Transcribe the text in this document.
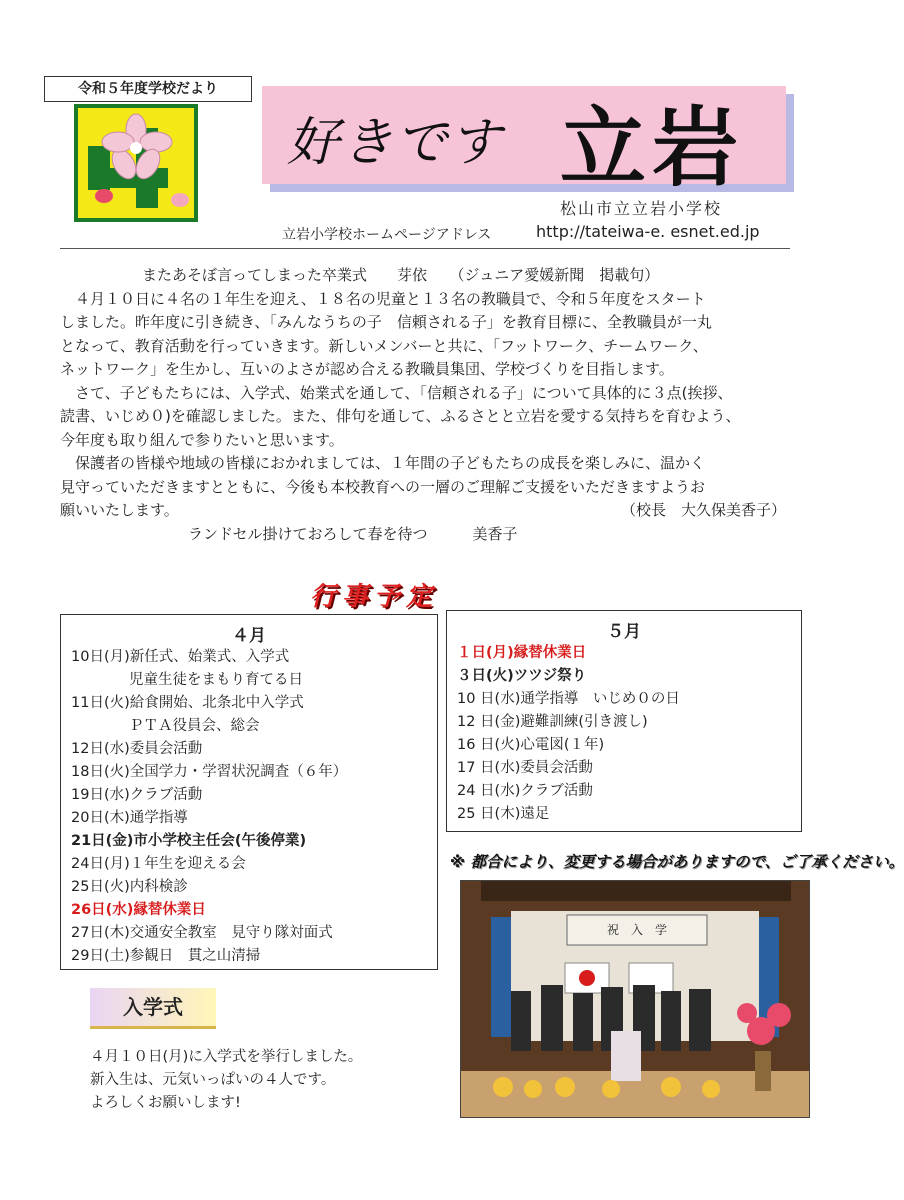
令和５年度学校だより
好きです 立岩
松山市立立岩小学校
立岩小学校ホームページアドレス	http://tateiwa-e. esnet.ed.jp
またあそぼ言ってしまった卒業式　　芽依　　（ジュニア愛媛新聞　掲載句）
　４月１０日に４名の１年生を迎え、１８名の児童と１３名の教職員で、令和５年度をスタート
しました。昨年度に引き続き、「みんなうちの子　信頼される子」を教育目標に、全教職員が一丸
となって、教育活動を行っていきます。新しいメンバーと共に、「フットワーク、チームワーク、
ネットワーク」を生かし、互いのよさが認め合える教職員集団、学校づくりを目指します。
　さて、子どもたちには、入学式、始業式を通して、「信頼される子」について具体的に３点(挨拶、
読書、いじめ０)を確認しました。また、俳句を通して、ふるさとと立岩を愛する気持ちを育むよう、
今年度も取り組んで参りたいと思います。
　保護者の皆様や地域の皆様におかれましては、１年間の子どもたちの成長を楽しみに、温かく
見守っていただきますとともに、今後も本校教育への一層のご理解ご支援をいただきますようお
願いいたします。	（校長　大久保美香子）
ランドセル掛けておろして春を待つ　　　美香子
行事予定
４月
10日(月)新任式、始業式、入学式
　　　　児童生徒をまもり育てる日
11日(火)給食開始、北条北中入学式
　　　　ＰＴＡ役員会、総会
12日(水)委員会活動
18日(火)全国学力・学習状況調査（６年）
19日(水)クラブ活動
20日(木)通学指導
21日(金)市小学校主任会(午後停業)
24日(月)１年生を迎える会
25日(火)内科検診
26日(水)縁替休業日
27日(木)交通安全教室　見守り隊対面式
29日(土)参観日　貫之山清掃
５月
１日(月)縁替休業日
３日(火)ツツジ祭り
10 日(水)通学指導　いじめ０の日
12 日(金)避難訓練(引き渡し)
16 日(火)心電図(１年)
17 日(水)委員会活動
24 日(水)クラブ活動
25 日(木)遠足
※ 都合により、変更する場合がありますので、ご了承ください。
祝　入　学
入学式
４月１０日(月)に入学式を挙行しました。
新入生は、元気いっぱいの４人です。
よろしくお願いします!
